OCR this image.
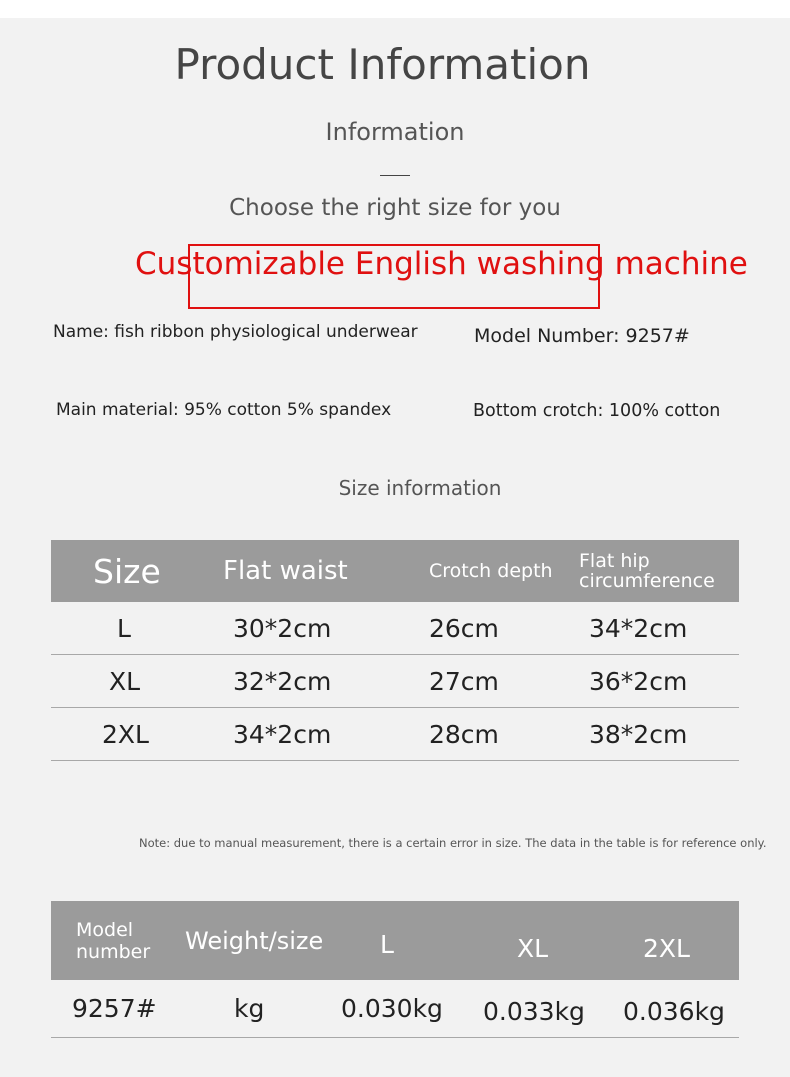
Product Information
Information
Choose the right size for you
Customizable English washing machine
Name: fish ribbon physiological underwear	Model Number: 9257#
Main material: 95% cotton 5% spandex	Bottom crotch: 100% cotton
Size information
Size	Flat waist	Crotch depth	Flat hip circumference
L	30*2cm	26cm	34*2cm
XL	32*2cm	27cm	36*2cm
2XL	34*2cm	28cm	38*2cm
Note: due to manual measurement, there is a certain error in size. The data in the table is for reference only.
Model number	Weight/size	L	XL	2XL
9257#	kg	0.030kg	0.033kg	0.036kg
